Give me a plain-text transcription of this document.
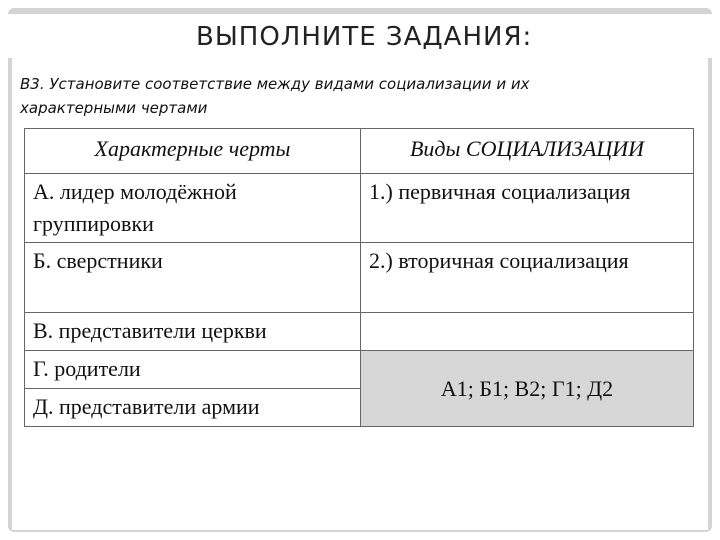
ВЫПОЛНИТЕ ЗАДАНИЯ:
В3. Установите соответствие между видами социализации и их характерными чертами
Характерные черты	Виды СОЦИАЛИЗАЦИИ
А. лидер молодёжной группировки	1.) первичная социализация
Б. сверстники	2.) вторичная социализация
В. представители церкви	
Г. родители	А1; Б1; В2; Г1; Д2
Д. представители армии	
